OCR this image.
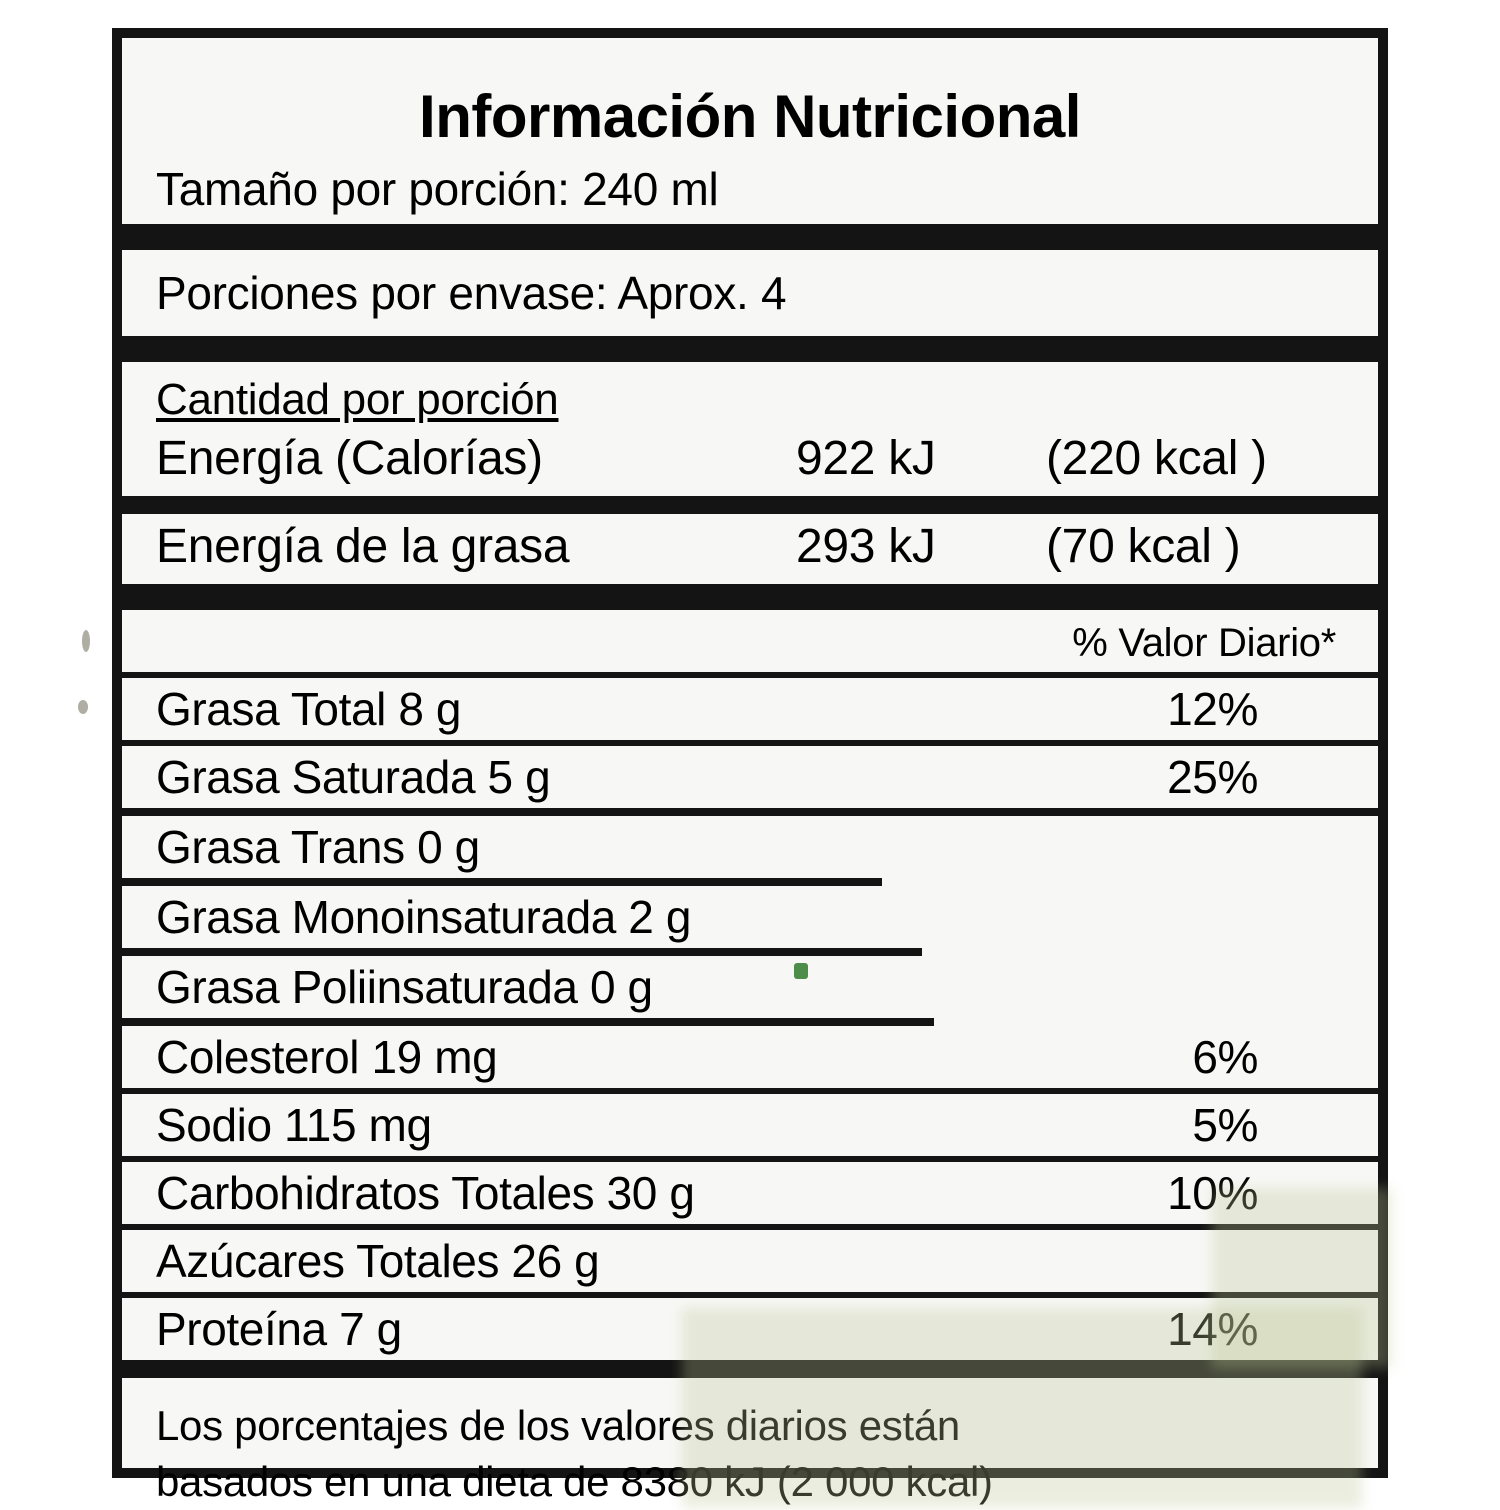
Información Nutricional
Tamaño por porción: 240 ml
Porciones por envase: Aprox. 4
Cantidad por porción
Energía (Calorías)	922 kJ	(220 kcal )
Energía de la grasa	293 kJ	(70 kcal )
% Valor Diario*
Grasa Total 8 g	12%
Grasa Saturada 5 g	25%
Grasa Trans 0 g
Grasa Monoinsaturada 2 g
Grasa Poliinsaturada 0 g
Colesterol 19 mg	6%
Sodio 115 mg	5%
Carbohidratos Totales 30 g	10%
Azúcares Totales 26 g
Proteína 7 g	14%
Los porcentajes de los valores diarios están
basados en una dieta de 8380 kJ (2 000 kcal)
